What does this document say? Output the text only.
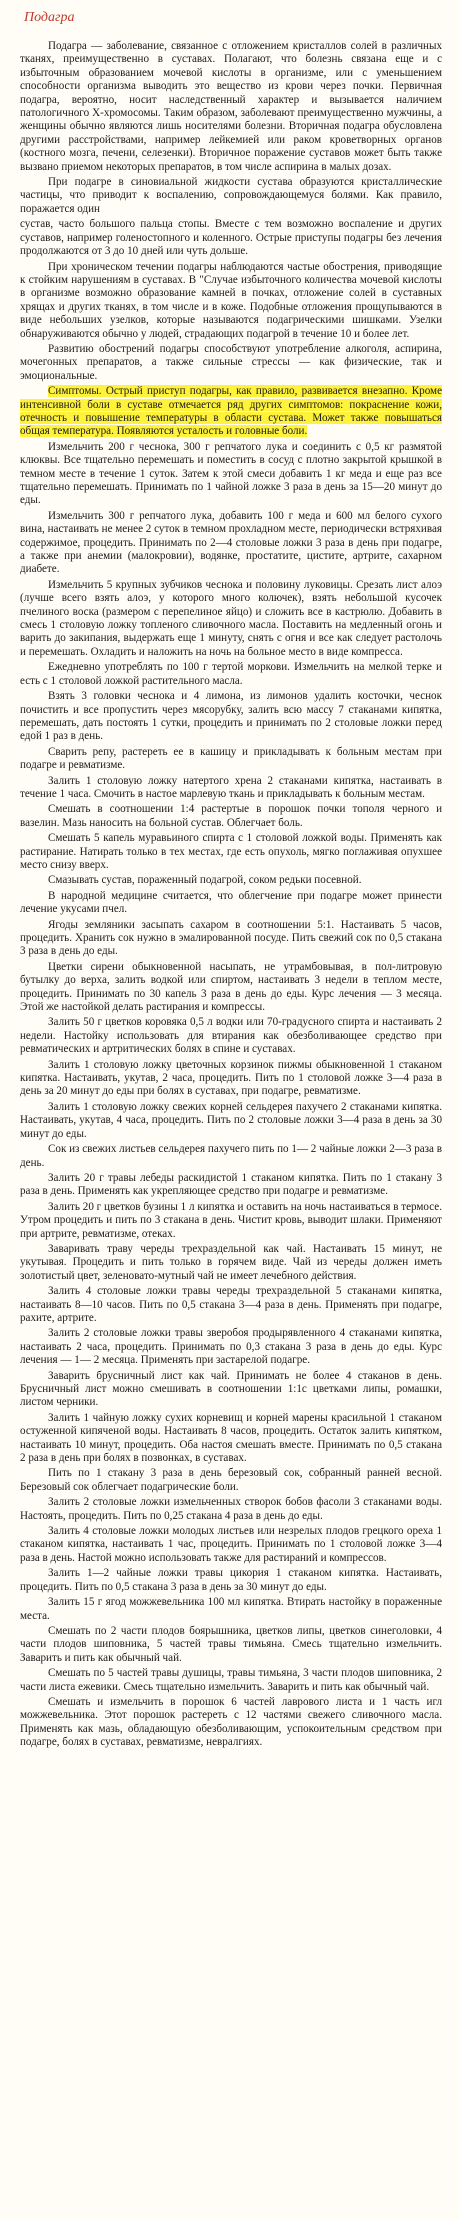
Подагра

Подагра — заболевание, связанное с отложением кристаллов солей в различных тканях, преимущественно в суставах. Полагают, что болезнь связана еще и с избыточным образованием мочевой кислоты в организме, или с уменьшением способности организма выводить это вещество из крови через почки. Первичная подагра, вероятно, носит наследственный характер и вызывается наличием патологичного Х-хромосомы. Таким образом, заболевают преимущественно мужчины, а женщины обычно являются лишь носителями болезни. Вторичная подагра обусловлена другими расстройствами, например лейкемией или раком кроветворных органов (костного мозга, печени, селезенки). Вторичное поражение суставов может быть также вызвано приемом некоторых препаратов, в том числе аспирина в малых дозах.

При подагре в синовиальной жидкости сустава образуются кристаллические частицы, что приводит к воспалению, сопровождающемуся болями. Как правило, поражается один

сустав, часто большого пальца стопы. Вместе с тем возможно воспаление и других суставов, например голеностопного и коленного. Острые приступы подагры без лечения продолжаются от 3 до 10 дней или чуть дольше.

При хроническом течении подагры наблюдаются частые обострения, приводящие к стойким нарушениям в суставах. В "Случае избыточного количества мочевой кислоты в организме возможно образование камней в почках, отложение солей в суставных хрящах и других тканях, в том числе и в коже. Подобные отложения прощупываются в виде небольших узелков, которые называются подагрическими шишками. Узелки обнаруживаются обычно у людей, страдающих подагрой в течение 10 и более лет.

Развитию обострений подагры способствуют употребление алкоголя, аспирина, мочегонных препаратов, а также сильные стрессы — как физические, так и эмоциональные.

Симптомы. Острый приступ подагры, как правило, развивается внезапно. Кроме интенсивной боли в суставе отмечается ряд других симптомов: покраснение кожи, отечность и повышение температуры в области сустава. Может также повышаться общая температура. Появляются усталость и головные боли.

Измельчить 200 г чеснока, 300 г репчатого лука и соединить с 0,5 кг размятой клюквы. Все тщательно перемешать и поместить в сосуд с плотно закрытой крышкой в темном месте в течение 1 суток. Затем к этой смеси добавить 1 кг меда и еще раз все тщательно перемешать. Принимать по 1 чайной ложке 3 раза в день за 15—20 минут до еды.

Измельчить 300 г репчатого лука, добавить 100 г меда и 600 мл белого сухого вина, настаивать не менее 2 суток в темном прохладном месте, периодически встряхивая содержимое, процедить. Принимать по 2—4 столовые ложки 3 раза в день при подагре, а также при анемии (малокровии), водянке, простатите, цистите, артрите, сахарном диабете.

Измельчить 5 крупных зубчиков чеснока и половину луковицы. Срезать лист алоэ (лучше всего взять алоэ, у которого много колючек), взять небольшой кусочек пчелиного воска (размером с перепелиное яйцо) и сложить все в кастрюлю. Добавить в смесь 1 столовую ложку топленого сливочного масла. Поставить на медленный огонь и варить до закипания, выдержать еще 1 минуту, снять с огня и все как следует растолочь и перемешать. Охладить и наложить на ночь на больное место в виде компресса.

Ежедневно употреблять по 100 г тертой моркови. Измельчить на мелкой терке и есть с 1 столовой ложкой растительного масла.

Взять 3 головки чеснока и 4 лимона, из лимонов удалить косточки, чеснок почистить и все пропустить через мясорубку, залить всю массу 7 стаканами кипятка, перемешать, дать постоять 1 сутки, процедить и принимать по 2 столовые ложки перед едой 1 раз в день.

Сварить репу, растереть ее в кашицу и прикладывать к больным местам при подагре и ревматизме.

Залить 1 столовую ложку натертого хрена 2 стаканами кипятка, настаивать в течение 1 часа. Смочить в настое марлевую ткань и прикладывать к больным местам.

Смешать в соотношении 1:4 растертые в порошок почки тополя черного и вазелин. Мазь наносить на больной сустав. Облегчает боль.

Смешать 5 капель муравьиного спирта с 1 столовой ложкой воды. Применять как растирание. Натирать только в тех местах, где есть опухоль, мягко поглаживая опухшее место снизу вверх.

Смазывать сустав, пораженный подагрой, соком редьки посевной.

В народной медицине считается, что облегчение при подагре может принести лечение укусами пчел.

Ягоды земляники засыпать сахаром в соотношении 5:1. Настаивать 5 часов, процедить. Хранить сок нужно в эмалированной посуде. Пить свежий сок по 0,5 стакана 3 раза в день до еды.

Цветки сирени обыкновенной насыпать, не утрамбовывая, в пол-литровую бутылку до верха, залить водкой или спиртом, настаивать 3 недели в теплом месте, процедить. Принимать по 30 капель 3 раза в день до еды. Курс лечения — 3 месяца. Этой же настойкой делать растирания и компрессы.

Залить 50 г цветков коровяка 0,5 л водки или 70-градусного спирта и настаивать 2 недели. Настойку использовать для втирания как обезболивающее средство при ревматических и артритических болях в спине и суставах.

Залить 1 столовую ложку цветочных корзинок пижмы обыкновенной 1 стаканом кипятка. Настаивать, укутав, 2 часа, процедить. Пить по 1 столовой ложке 3—4 раза в день за 20 минут до еды при болях в суставах, при подагре, ревматизме.

Залить 1 столовую ложку свежих корней сельдерея пахучего 2 стаканами кипятка. Настаивать, укутав, 4 часа, процедить. Пить по 2 столовые ложки 3—4 раза в день за 30 минут до еды.

Сок из свежих листьев сельдерея пахучего пить по 1— 2 чайные ложки 2—3 раза в день.

Залить 20 г травы лебеды раскидистой 1 стаканом кипятка. Пить по 1 стакану 3 раза в день. Применять как укрепляющее средство при подагре и ревматизме.

Залить 20 г цветков бузины 1 л кипятка и оставить на ночь настаиваться в термосе. Утром процедить и пить по 3 стакана в день. Чистит кровь, выводит шлаки. Применяют при артрите, ревматизме, отеках.

Заваривать траву череды трехраздельной как чай. Настаивать 15 минут, не укутывая. Процедить и пить только в горячем виде. Чай из череды должен иметь золотистый цвет, зеленовато-мутный чай не имеет лечебного действия.

Залить 4 столовые ложки травы череды трехраздельной 5 стаканами кипятка, настаивать 8—10 часов. Пить по 0,5 стакана 3—4 раза в день. Применять при подагре, рахите, артрите.

Залить 2 столовые ложки травы зверобоя продырявленного 4 стаканами кипятка, настаивать 2 часа, процедить. Принимать по 0,3 стакана 3 раза в день до еды. Курс лечения — 1— 2 месяца. Применять при застарелой подагре.

Заварить брусничный лист как чай. Принимать не более 4 стаканов в день. Брусничный лист можно смешивать в соотношении 1:1с цветками липы, ромашки, листом черники.

Залить 1 чайную ложку сухих корневищ и корней марены красильной 1 стаканом остуженной кипяченой воды. Настаивать 8 часов, процедить. Остаток залить кипятком, настаивать 10 минут, процедить. Оба настоя смешать вместе. Принимать по 0,5 стакана 2 раза в день при болях в позвонках, в суставах.

Пить по 1 стакану 3 раза в день березовый сок, собранный ранней весной. Березовый сок облегчает подагрические боли.

Залить 2 столовые ложки измельченных створок бобов фасоли 3 стаканами воды. Настоять, процедить. Пить по 0,25 стакана 4 раза в день до еды.

Залить 4 столовые ложки молодых листьев или незрелых плодов грецкого ореха 1 стаканом кипятка, настаивать 1 час, процедить. Принимать по 1 столовой ложке 3—4 раза в день. Настой можно использовать также для растираний и компрессов.

Залить 1—2 чайные ложки травы цикория 1 стаканом кипятка. Настаивать, процедить. Пить по 0,5 стакана 3 раза в день за 30 минут до еды.

Залить 15 г ягод можжевельника 100 мл кипятка. Втирать настойку в пораженные места.

Смешать по 2 части плодов боярышника, цветков липы, цветков синеголовки, 4 части плодов шиповника, 5 частей травы тимьяна. Смесь тщательно измельчить. Заварить и пить как обычный чай.

Смешать по 5 частей травы душицы, травы тимьяна, 3 части плодов шиповника, 2 части листа ежевики. Смесь тщательно измельчить. Заварить и пить как обычный чай.

Смешать и измельчить в порошок 6 частей лаврового листа и 1 часть игл можжевельника. Этот порошок растереть с 12 частями свежего сливочного масла. Применять как мазь, обладающую обезболивающим, успокоительным средством при подагре, болях в суставах, ревматизме, невралгиях.
